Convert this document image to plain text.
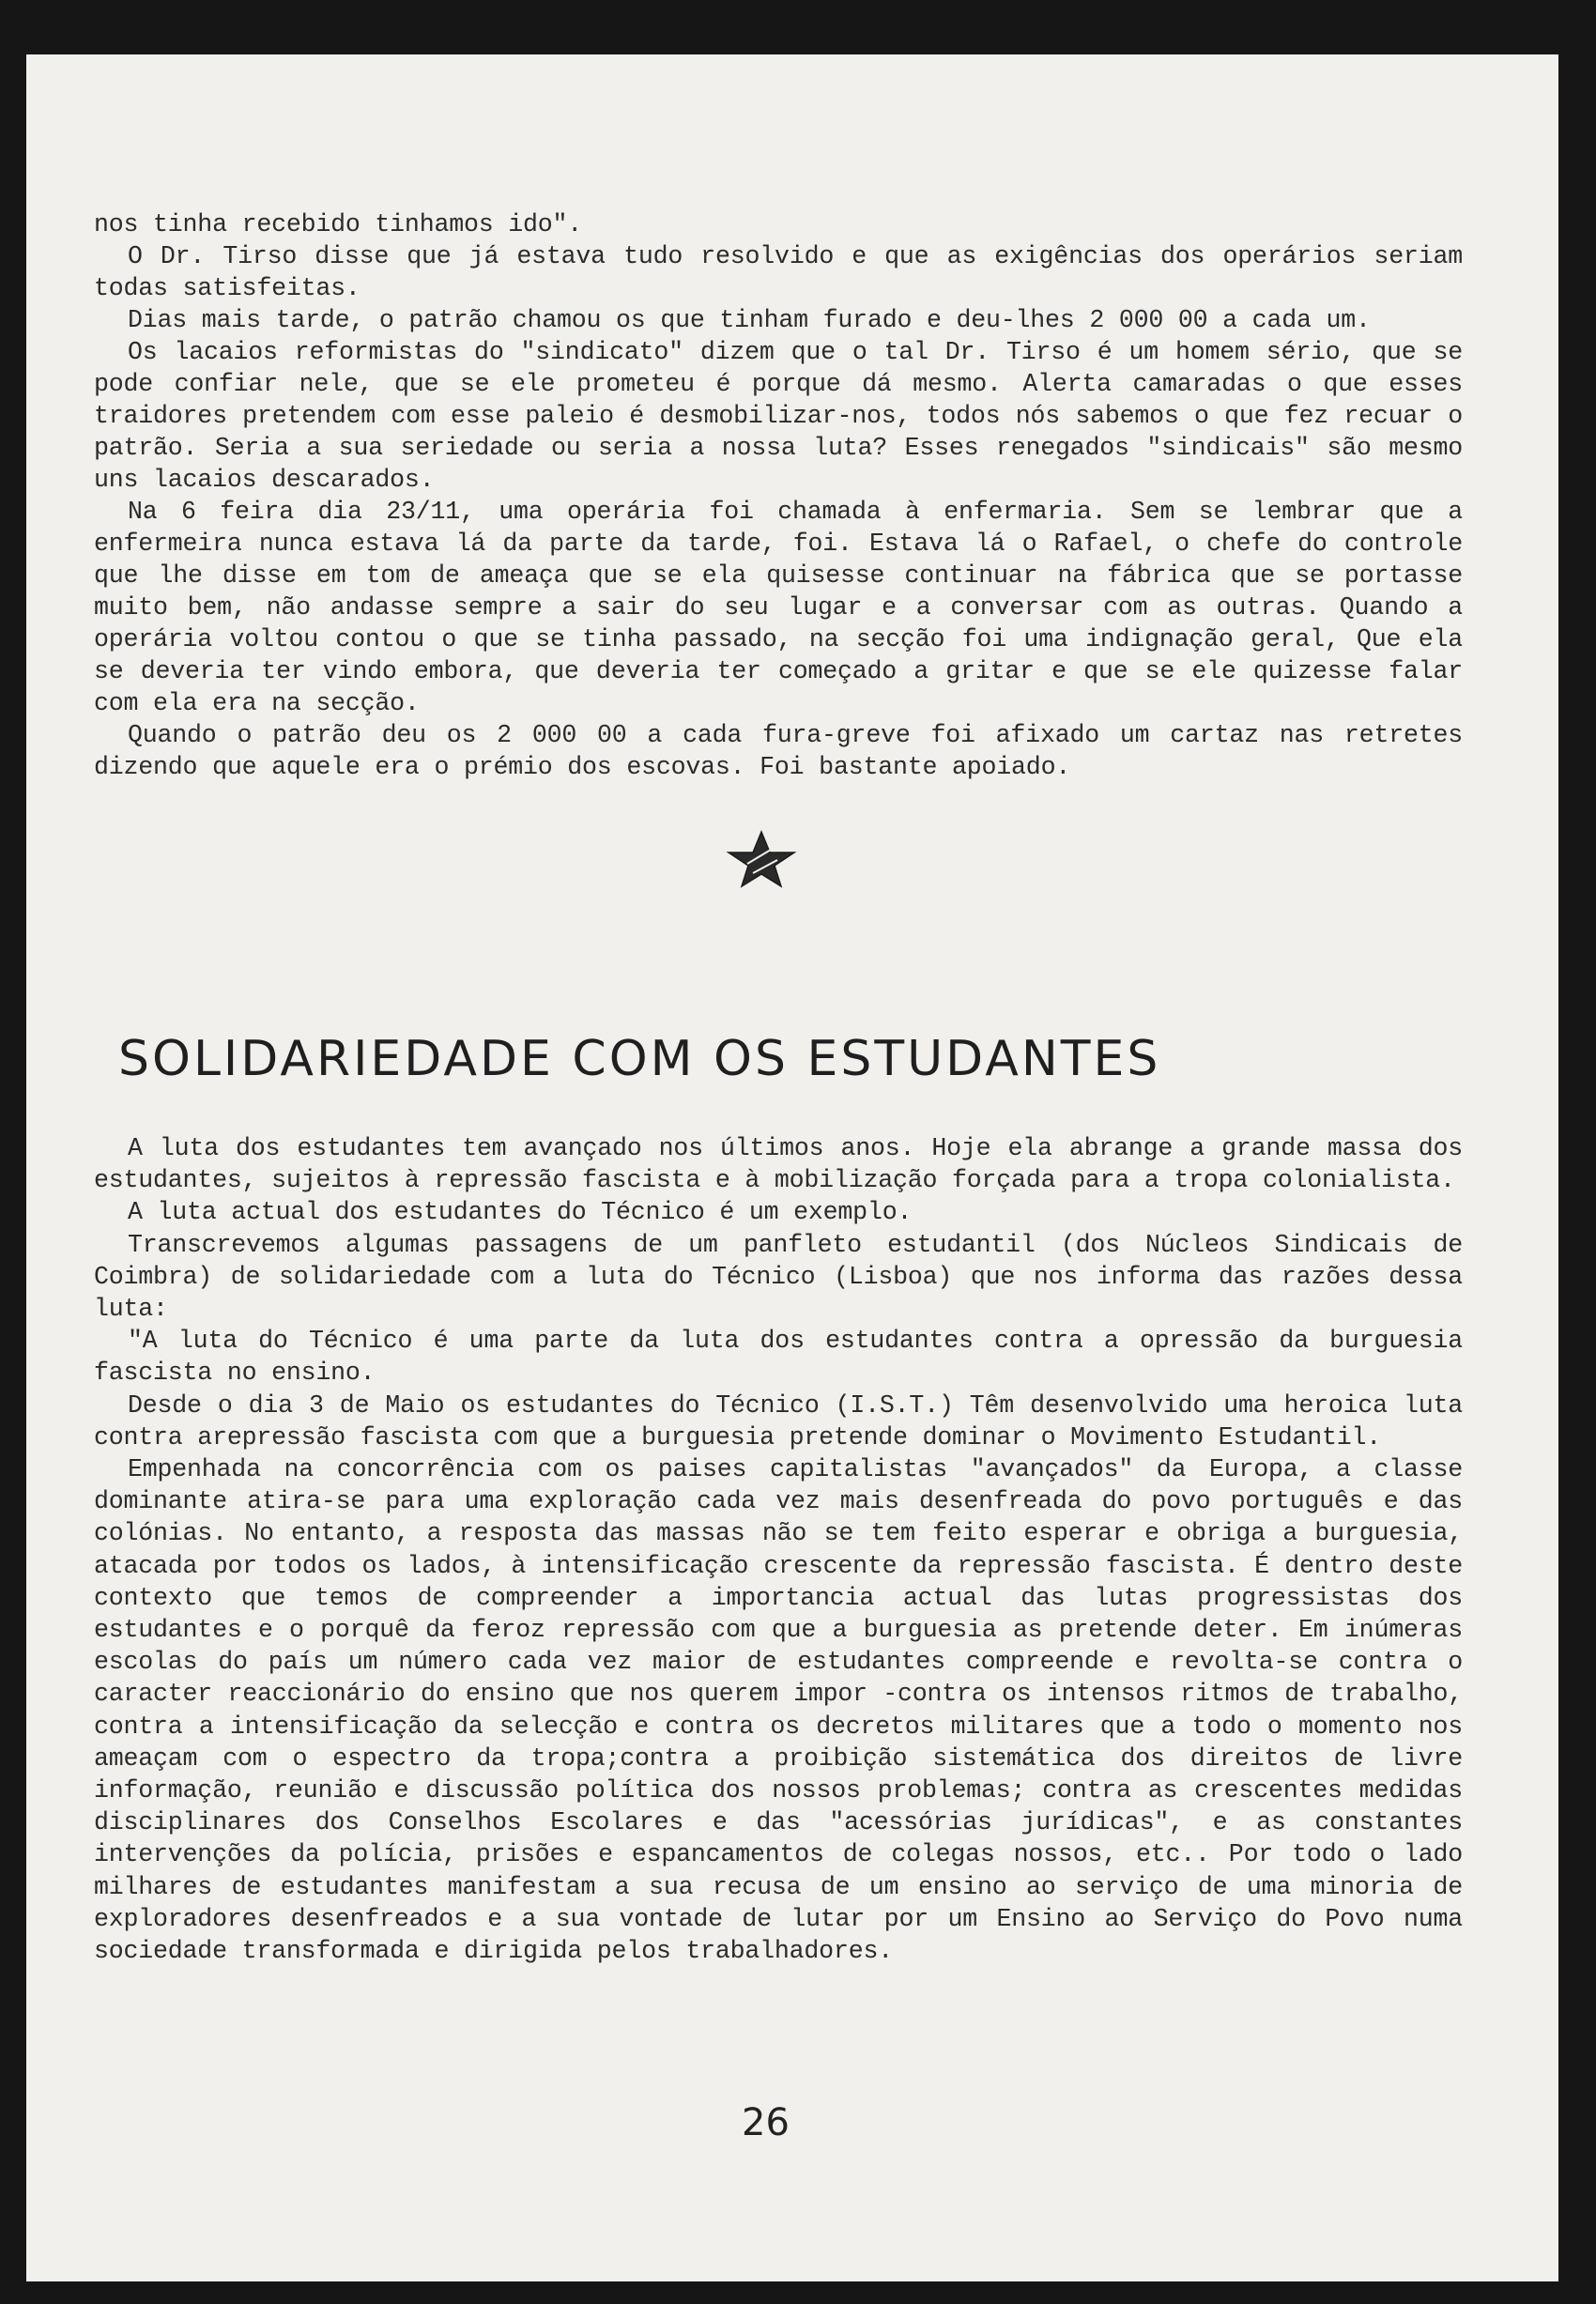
nos tinha recebido tinhamos ido".

O Dr. Tirso disse que já estava tudo resolvido e que as exigências dos operários seriam todas satisfeitas.

Dias mais tarde, o patrão chamou os que tinham furado e deu-lhes 2 000 00 a cada um.

Os lacaios reformistas do "sindicato" dizem que o tal Dr. Tirso é um homem sério, que se pode confiar nele, que se ele prometeu é porque dá mesmo. Alerta camaradas o que esses traidores pretendem com esse paleio é desmobilizar-nos, todos nós sabemos o que fez recuar o patrão. Seria a sua seriedade ou seria a nossa luta? Esses renegados "sindicais" são mesmo uns lacaios descarados.

Na 6 feira dia 23/11, uma operária foi chamada à enfermaria. Sem se lembrar que a enfermeira nunca estava lá da parte da tarde, foi. Estava lá o Rafael, o chefe do controle que lhe disse em tom de ameaça que se ela quisesse continuar na fábrica que se portasse muito bem, não andasse sempre a sair do seu lugar e a conversar com as outras. Quando a operária voltou contou o que se tinha passado, na secção foi uma indignação geral, Que ela se deveria ter vindo embora, que deveria ter começado a gritar e que se ele quizesse falar com ela era na secção.

Quando o patrão deu os 2 000 00 a cada fura-greve foi afixado um cartaz nas retretes dizendo que aquele era o prémio dos escovas. Foi bastante apoiado.

SOLIDARIEDADE COM OS ESTUDANTES

A luta dos estudantes tem avançado nos últimos anos. Hoje ela abrange a grande massa dos estudantes, sujeitos à repressão fascista e à mobilização forçada para a tropa colonialista.

A luta actual dos estudantes do Técnico é um exemplo.

Transcrevemos algumas passagens de um panfleto estudantil (dos Núcleos Sindicais de Coimbra) de solidariedade com a luta do Técnico (Lisboa) que nos informa das razões dessa luta:

"A luta do Técnico é uma parte da luta dos estudantes contra a opressão da burguesia fascista no ensino.

Desde o dia 3 de Maio os estudantes do Técnico (I.S.T.) Têm desenvolvido uma heroica luta contra arepressão fascista com que a burguesia pretende dominar o Movimento Estudantil.

Empenhada na concorrência com os paises capitalistas "avançados" da Europa, a classe dominante atira-se para uma exploração cada vez mais desenfreada do povo português e das colónias. No entanto, a resposta das massas não se tem feito esperar e obriga a burguesia, atacada por todos os lados, à intensificação crescente da repressão fascista. É dentro deste contexto que temos de compreender a importancia actual das lutas progressistas dos estudantes e o porquê da feroz repressão com que a burguesia as pretende deter. Em inúmeras escolas do país um número cada vez maior de estudantes compreende e revolta-se contra o caracter reaccionário do ensino que nos querem impor -contra os intensos ritmos de trabalho, contra a intensificação da selecção e contra os decretos militares que a todo o momento nos ameaçam com o espectro da tropa;contra a proibição sistemática dos direitos de livre informação, reunião e discussão política dos nossos problemas; contra as crescentes medidas disciplinares dos Conselhos Escolares e das "acessórias jurídicas", e as constantes intervenções da polícia, prisões e espancamentos de colegas nossos, etc.. Por todo o lado milhares de estudantes manifestam a sua recusa de um ensino ao serviço de uma minoria de exploradores desenfreados e a sua vontade de lutar por um Ensino ao Serviço do Povo numa sociedade transformada e dirigida pelos trabalhadores.

26
